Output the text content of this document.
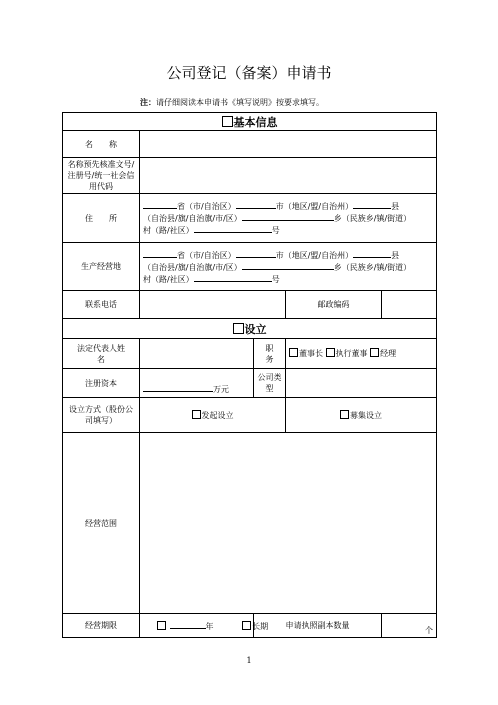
公司登记（备案）申请书
注：请仔细阅读本申请书《填写说明》按要求填写。
基本信息				
名　　称				
名称预先核准文号/注册号/统一社会信用代码				
住　　所	省（市/自治区） 市（地区/盟/自治州） 县
（自治县/旗/自治旗/市/区） 乡（民族乡/镇/街道）
村（路/社区） 号			
生产经营地	省（市/自治区） 市（地区/盟/自治州） 县
（自治县/旗/自治旗/市/区） 乡（民族乡/镇/街道）
村（路/社区） 号			
联系电话			邮政编码	
设立				
法定代表人姓　　名		职　　务	董事长 执行董事 经理	
注册资本	万元	公司类型		
设立方式（股份公司填写）	发起设立		募集设立	
经营范围				
经营期限	年 长期	申请执照副本数量		个
1
